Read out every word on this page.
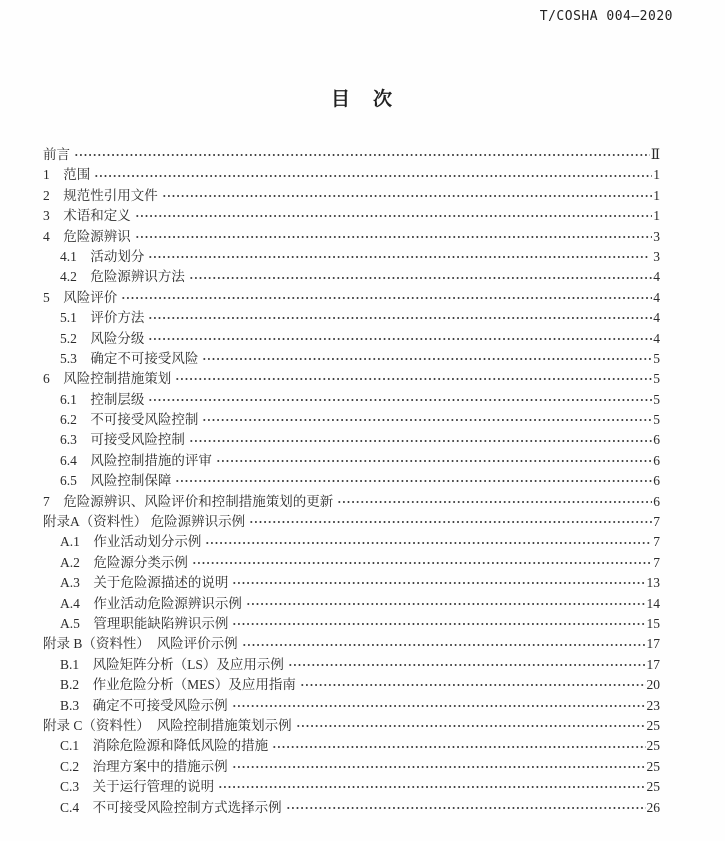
T/COSHA 004—2020
目　次
前言	Ⅱ
1　范围	1
2　规范性引用文件	1
3　术语和定义	1
4　危险源辨识	3
4.1　活动划分	3
4.2　危险源辨识方法	4
5　风险评价	4
5.1　评价方法	4
5.2　风险分级	4
5.3　确定不可接受风险	5
6　风险控制措施策划	5
6.1　控制层级	5
6.2　不可接受风险控制	5
6.3　可接受风险控制	6
6.4　风险控制措施的评审	6
6.5　风险控制保障	6
7　危险源辨识、风险评价和控制措施策划的更新	6
附录A（资料性） 危险源辨识示例	7
A.1　作业活动划分示例	7
A.2　危险源分类示例	7
A.3　关于危险源描述的说明	13
A.4　作业活动危险源辨识示例	14
A.5　管理职能缺陷辨识示例	15
附录 B（资料性）　风险评价示例	17
B.1　风险矩阵分析（LS）及应用示例	17
B.2　作业危险分析（MES）及应用指南	20
B.3　确定不可接受风险示例	23
附录 C（资料性）　风险控制措施策划示例	25
C.1　消除危险源和降低风险的措施	25
C.2　治理方案中的措施示例	25
C.3　关于运行管理的说明	25
C.4　不可接受风险控制方式选择示例	26
